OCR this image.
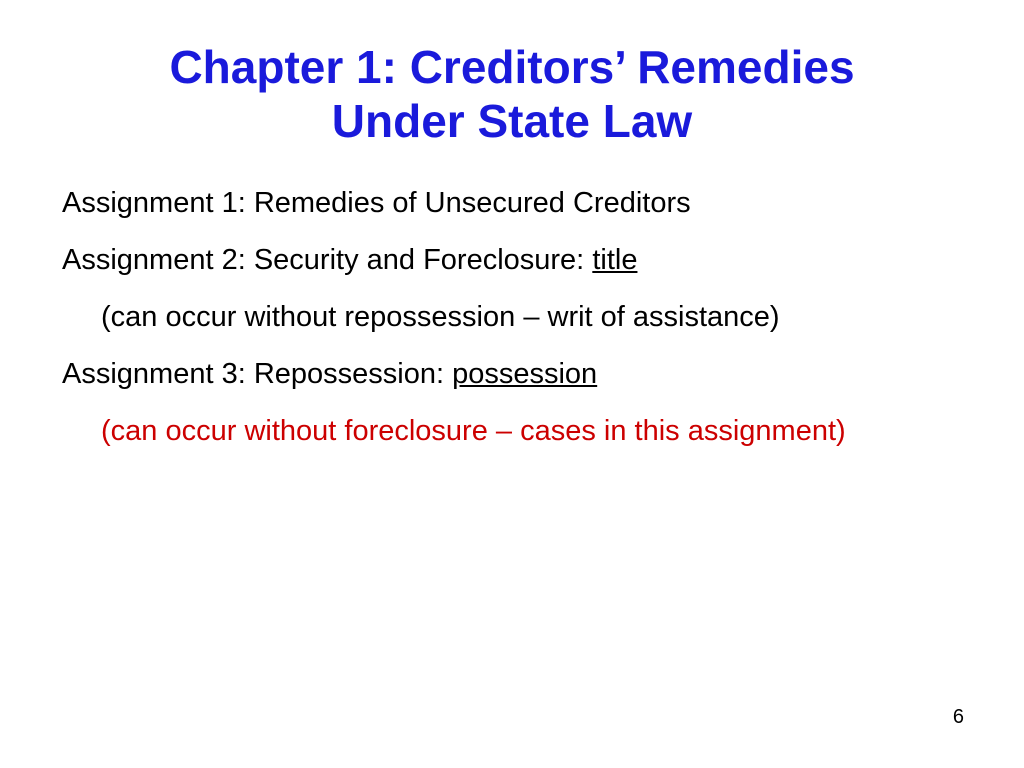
Chapter 1: Creditors’ Remedies
Under State Law
Assignment 1: Remedies of Unsecured Creditors
Assignment 2: Security and Foreclosure: title
(can occur without repossession – writ of assistance)
Assignment 3: Repossession: possession
(can occur without foreclosure – cases in this assignment)
6
